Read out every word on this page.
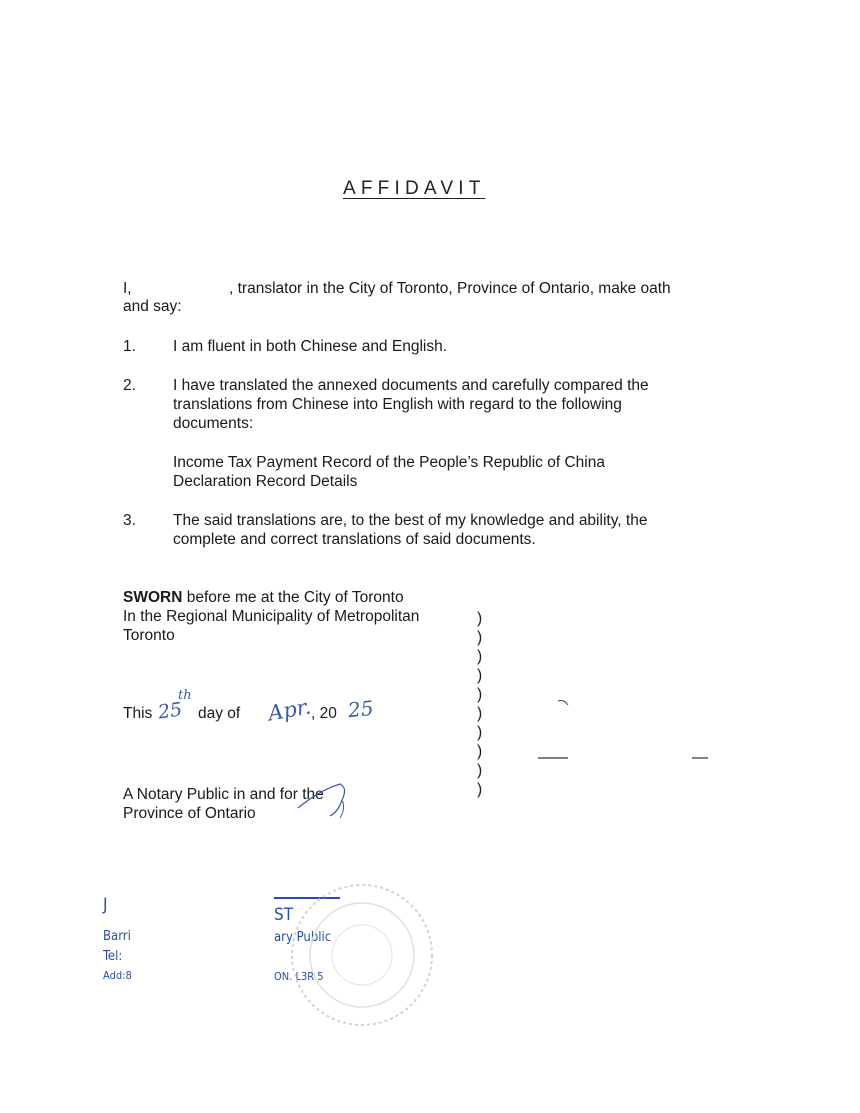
AFFIDAVIT
I,	, translator in the City of Toronto, Province of Ontario, make oath
and say:
1. I am fluent in both Chinese and English.
2. I have translated the annexed documents and carefully compared the
translations from Chinese into English with regard to the following
documents:
Income Tax Payment Record of the People’s Republic of China
Declaration Record Details
3. The said translations are, to the best of my knowledge and ability, the
complete and correct translations of said documents.
SWORN before me at the City of Toronto
In the Regional Municipality of Metropolitan
Toronto
)
)
)
)
)
)
)
)
)
)
This 25
th
day of Apr.
, 20 25
A Notary Public in and for the
Province of Ontario
J
Barri
Tel:
Add:8
ST
ary Public
ON. L3R 5
